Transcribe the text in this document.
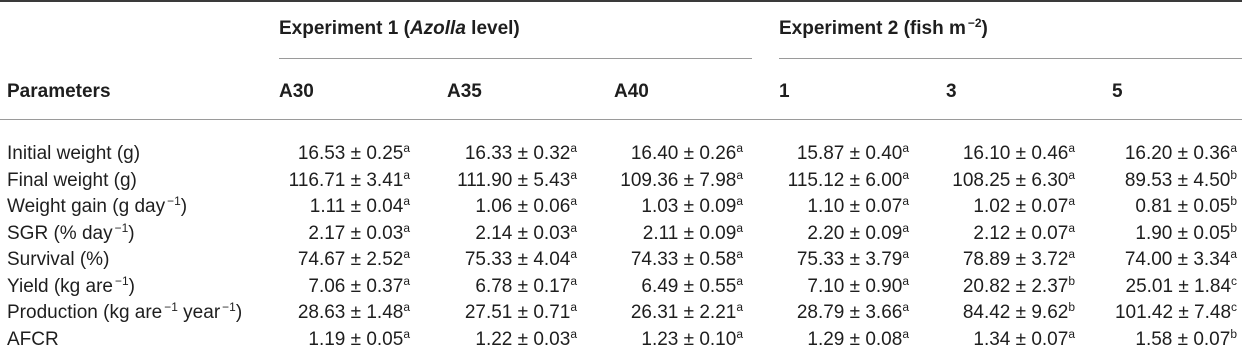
Experiment 1 (Azolla level)	Experiment 2 (fish m $^{-2}$)
Parameters	A30	A35	A40	1	3	5
Initial weight (g)	16.53 ± 0.25$^a$	16.33 ± 0.32$^a$	16.40 ± 0.26$^a$	15.87 ± 0.40$^a$	16.10 ± 0.46$^a$	16.20 ± 0.36$^a$
Final weight (g)	116.71 ± 3.41$^a$ 111.90 ± 5.43$^a$ 109.36 ± 7.98$^a$ 115.12 ± 6.00$^a$ 108.25 ± 6.30$^a$	89.53 ± 4.50$^b$
Weight gain (g day $^{-1}$)	1.11 ± 0.04$^a$	1.06 ± 0.06$^a$	1.03 ± 0.09$^a$	1.10 ± 0.07$^a$	1.02 ± 0.07$^a$	0.81 ± 0.05$^b$
SGR (% day $^{-1}$)	2.17 ± 0.03$^a$	2.14 ± 0.03$^a$	2.11 ± 0.09$^a$	2.20 ± 0.09$^a$	2.12 ± 0.07$^a$	1.90 ± 0.05$^b$
Survival (%)	74.67 ± 2.52$^a$	75.33 ± 4.04$^a$	74.33 ± 0.58$^a$	75.33 ± 3.79$^a$	78.89 ± 3.72$^a$	74.00 ± 3.34$^a$
Yield (kg are $^{-1}$)	7.06 ± 0.37$^a$	6.78 ± 0.17$^a$	6.49 ± 0.55$^a$	7.10 ± 0.90$^a$	20.82 ± 2.37$^b$	25.01 ± 1.84$^c$
Production (kg are $^{-1}$ year $^{-1}$)	28.63 ± 1.48$^a$	27.51 ± 0.71$^a$	26.31 ± 2.21$^a$	28.79 ± 3.66$^a$	84.42 ± 9.62$^b$ 101.42 ± 7.48$^c$
AFCR	1.19 ± 0.05$^a$	1.22 ± 0.03$^a$	1.23 ± 0.10$^a$	1.29 ± 0.08$^a$	1.34 ± 0.07$^a$	1.58 ± 0.07$^b$
